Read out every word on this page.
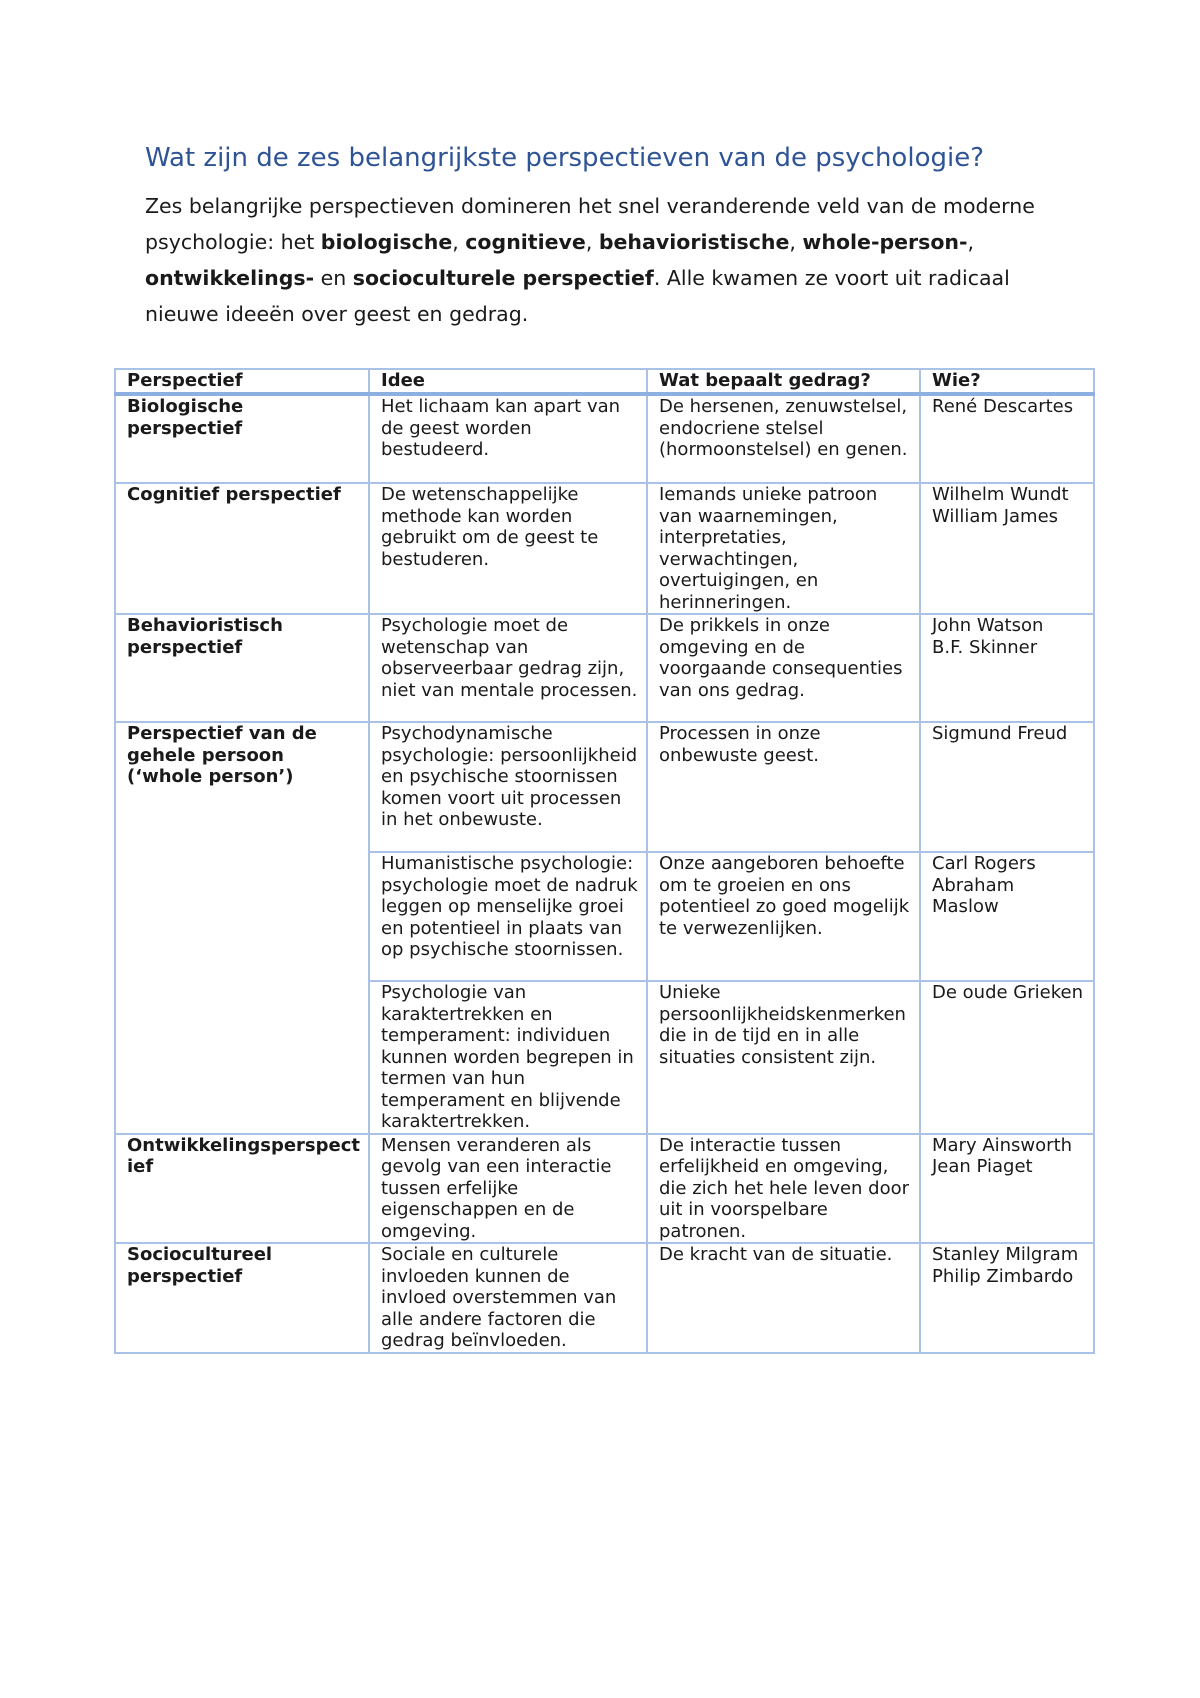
Wat zijn de zes belangrijkste perspectieven van de psychologie?

Zes belangrijke perspectieven domineren het snel veranderende veld van de moderne psychologie: het biologische, cognitieve, behavioristische, whole-person-, ontwikkelings- en socioculturele perspectief. Alle kwamen ze voort uit radicaal nieuwe ideeën over geest en gedrag.

Perspectief	Idee	Wat bepaalt gedrag?	Wie?
Biologische perspectief	Het lichaam kan apart van de geest worden bestudeerd.	De hersenen, zenuwstelsel, endocriene stelsel (hormoonstelsel) en genen.	René Descartes

Cognitief perspectief	De wetenschappelijke methode kan worden gebruikt om de geest te bestuderen.	Iemands unieke patroon van waarnemingen, interpretaties, verwachtingen, overtuigingen, en herinneringen.	Wilhelm Wundt
William James

Behavioristisch perspectief	Psychologie moet de wetenschap van observeerbaar gedrag zijn, niet van mentale processen.	De prikkels in onze omgeving en de voorgaande consequenties van ons gedrag.	John Watson
B.F. Skinner

Perspectief van de gehele persoon (‘whole person’)	Psychodynamische psychologie: persoonlijkheid en psychische stoornissen komen voort uit processen in het onbewuste.	Processen in onze onbewuste geest.	Sigmund Freud

	Humanistische psychologie: psychologie moet de nadruk leggen op menselijke groei en potentieel in plaats van op psychische stoornissen.	Onze aangeboren behoefte om te groeien en ons potentieel zo goed mogelijk te verwezenlijken.	Carl Rogers
Abraham Maslow

	Psychologie van karaktertrekken en temperament: individuen kunnen worden begrepen in termen van hun temperament en blijvende karaktertrekken.	Unieke persoonlijkheidskenmerken die in de tijd en in alle situaties consistent zijn.	De oude Grieken

Ontwikkelingsperspectief	Mensen veranderen als gevolg van een interactie tussen erfelijke eigenschappen en de omgeving.	De interactie tussen erfelijkheid en omgeving, die zich het hele leven door uit in voorspelbare patronen.	Mary Ainsworth
Jean Piaget

Sociocultureel perspectief	Sociale en culturele invloeden kunnen de invloed overstemmen van alle andere factoren die gedrag beïnvloeden.	De kracht van de situatie.	Stanley Milgram
Philip Zimbardo
